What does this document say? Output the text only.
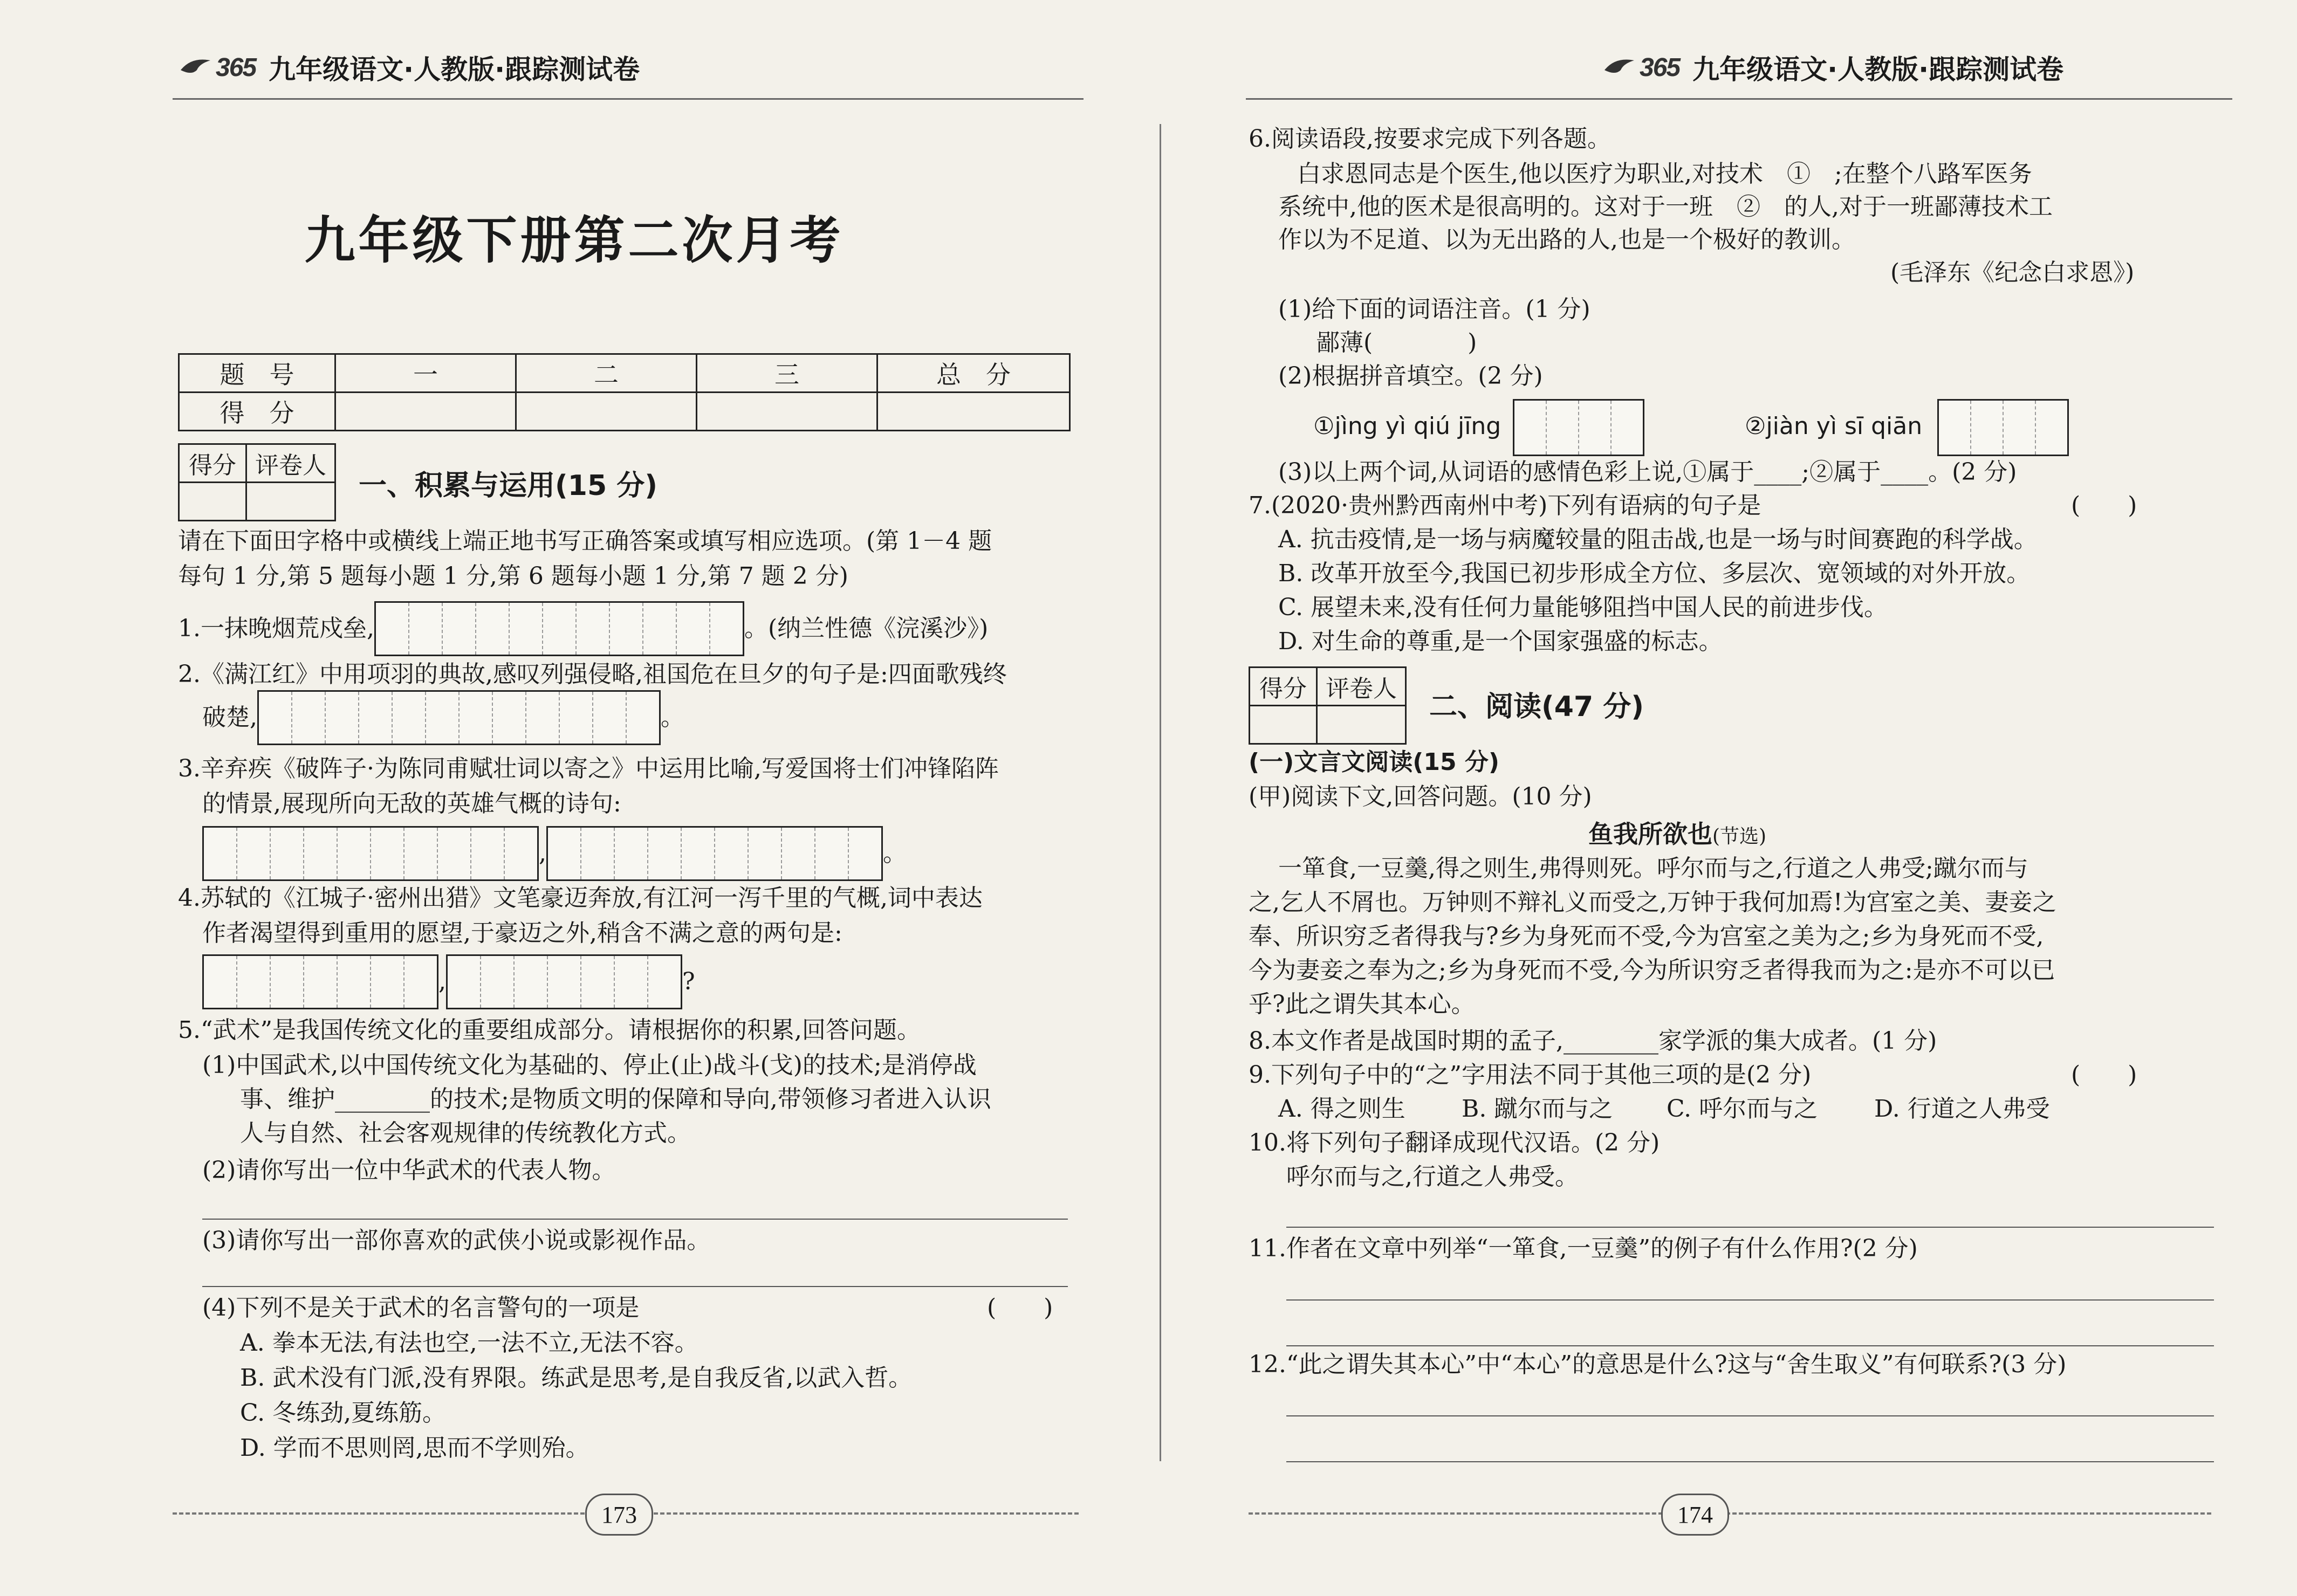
365 九年级语文·人教版·跟踪测试卷
九年级下册第二次月考
题　号	一	二	三	总　分
得　分				
得分	评卷人

一、积累与运用(15 分)
请在下面田字格中或横线上端正地书写正确答案或填写相应选项。(第 1－4 题
每句 1 分,第 5 题每小题 1 分,第 6 题每小题 1 分,第 7 题 2 分)
1.一抹晚烟荒戍垒,	。(纳兰性德《浣溪沙》)
2.《满江红》中用项羽的典故,感叹列强侵略,祖国危在旦夕的句子是:四面歌残终
破楚,	。
3.辛弃疾《破阵子·为陈同甫赋壮词以寄之》中运用比喻,写爱国将士们冲锋陷阵
的情景,展现所向无敌的英雄气概的诗句:
,	。
4.苏轼的《江城子·密州出猎》文笔豪迈奔放,有江河一泻千里的气概,词中表达
作者渴望得到重用的愿望,于豪迈之外,稍含不满之意的两句是:
,	?
5.“武术”是我国传统文化的重要组成部分。请根据你的积累,回答问题。
(1)中国武术,以中国传统文化为基础的、停止(止)战斗(戈)的技术;是消停战
事、维护________的技术;是物质文明的保障和导向,带领修习者进入认识
人与自然、社会客观规律的传统教化方式。
(2)请你写出一位中华武术的代表人物。
(3)请你写出一部你喜欢的武侠小说或影视作品。
(4)下列不是关于武术的名言警句的一项是	(　　)
A. 拳本无法,有法也空,一法不立,无法不容。
B. 武术没有门派,没有界限。练武是思考,是自我反省,以武入哲。
C. 冬练劲,夏练筋。
D. 学而不思则罔,思而不学则殆。
173
365 九年级语文·人教版·跟踪测试卷
6.阅读语段,按要求完成下列各题。
白求恩同志是个医生,他以医疗为职业,对技术　①　;在整个八路军医务
系统中,他的医术是很高明的。这对于一班　②　的人,对于一班鄙薄技术工
作以为不足道、以为无出路的人,也是一个极好的教训。
(毛泽东《纪念白求恩》)
(1)给下面的词语注音。(1 分)
鄙薄(　　　　)
(2)根据拼音填空。(2 分)
①jìng yì qiú jīng	②jiàn yì sī qiān
(3)以上两个词,从词语的感情色彩上说,①属于____;②属于____。(2 分)
7.(2020·贵州黔西南州中考)下列有语病的句子是	(　　)
A. 抗击疫情,是一场与病魔较量的阻击战,也是一场与时间赛跑的科学战。
B. 改革开放至今,我国已初步形成全方位、多层次、宽领域的对外开放。
C. 展望未来,没有任何力量能够阻挡中国人民的前进步伐。
D. 对生命的尊重,是一个国家强盛的标志。
得分	评卷人

二、阅读(47 分)
(一)文言文阅读(15 分)
(甲)阅读下文,回答问题。(10 分)
鱼我所欲也(节选)
一箪食,一豆羹,得之则生,弗得则死。呼尔而与之,行道之人弗受;蹴尔而与
之,乞人不屑也。万钟则不辩礼义而受之,万钟于我何加焉!为宫室之美、妻妾之
奉、所识穷乏者得我与?乡为身死而不受,今为宫室之美为之;乡为身死而不受,
今为妻妾之奉为之;乡为身死而不受,今为所识穷乏者得我而为之:是亦不可以已
乎?此之谓失其本心。
8.本文作者是战国时期的孟子,________家学派的集大成者。(1 分)
9.下列句子中的“之”字用法不同于其他三项的是(2 分)	(　　)
A. 得之则生 B. 蹴尔而与之 C. 呼尔而与之 D. 行道之人弗受
10.将下列句子翻译成现代汉语。(2 分)
呼尔而与之,行道之人弗受。
11.作者在文章中列举“一箪食,一豆羹”的例子有什么作用?(2 分)
12.“此之谓失其本心”中“本心”的意思是什么?这与“舍生取义”有何联系?(3 分)
174
